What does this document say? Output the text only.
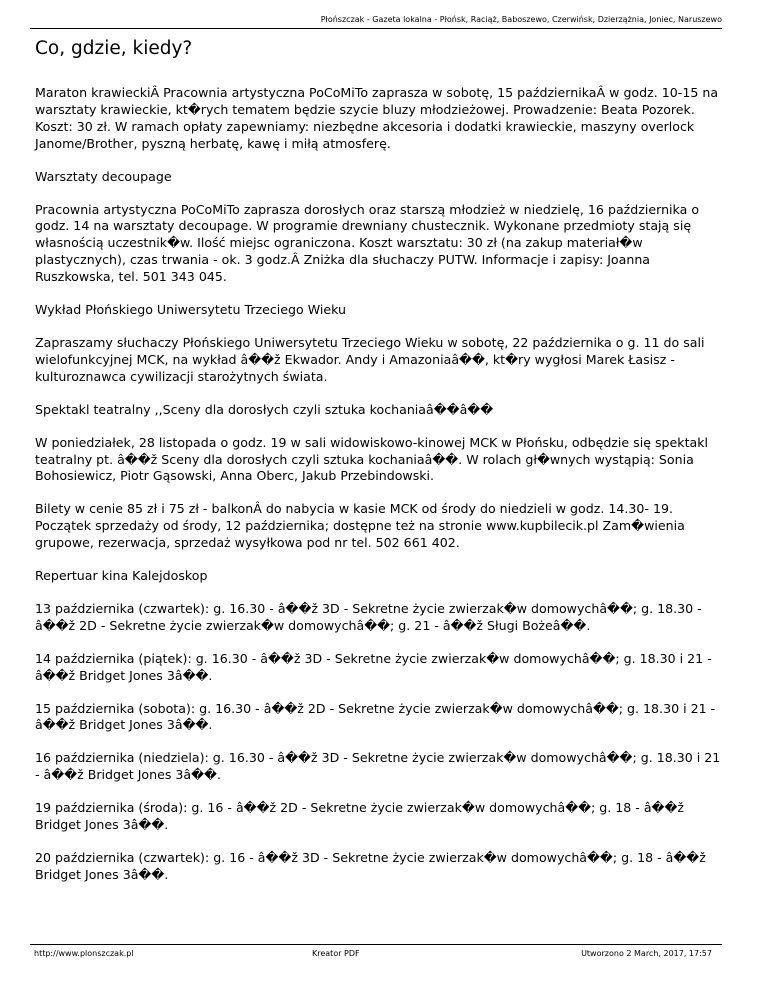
Płońszczak - Gazeta lokalna - Płońsk, Raciąż, Baboszewo, Czerwińsk, Dzierzążnia, Joniec, Naruszewo
Co, gdzie, kiedy?

Maraton krawieckiÂ Pracownia artystyczna PoCoMiTo zaprasza w sobotę, 15 październikaÂ w godz. 10-15 na warsztaty krawieckie, kt�rych tematem będzie szycie bluzy młodzieżowej. Prowadzenie: Beata Pozorek. Koszt: 30 zł. W ramach opłaty zapewniamy: niezbędne akcesoria i dodatki krawieckie, maszyny overlock Janome/Brother, pyszną herbatę, kawę i miłą atmosferę.

Warsztaty decoupage

Pracownia artystyczna PoCoMiTo zaprasza dorosłych oraz starszą młodzież w niedzielę, 16 października o godz. 14 na warsztaty decoupage. W programie drewniany chustecznik. Wykonane przedmioty stają się własnością uczestnik�w. Ilość miejsc ograniczona. Koszt warsztatu: 30 zł (na zakup materiał�w plastycznych), czas trwania - ok. 3 godz.Â Zniżka dla słuchaczy PUTW. Informacje i zapisy: Joanna Ruszkowska, tel. 501 343 045.

Wykład Płońskiego Uniwersytetu Trzeciego Wieku

Zapraszamy słuchaczy Płońskiego Uniwersytetu Trzeciego Wieku w sobotę, 22 października o g. 11 do sali wielofunkcyjnej MCK, na wykład â��ž Ekwador. Andy i Amazoniaâ��, kt�ry wygłosi Marek Łasisz - kulturoznawca cywilizacji starożytnych świata.

Spektakl teatralny ,,Sceny dla dorosłych czyli sztuka kochaniaâ��â��

W poniedziałek, 28 listopada o godz. 19 w sali widowiskowo-kinowej MCK w Płońsku, odbędzie się spektakl teatralny pt. â��ž Sceny dla dorosłych czyli sztuka kochaniaâ��. W rolach gł�wnych wystąpią: Sonia Bohosiewicz, Piotr Gąsowski, Anna Oberc, Jakub Przebindowski.

Bilety w cenie 85 zł i 75 zł - balkonÂ do nabycia w kasie MCK od środy do niedzieli w godz. 14.30- 19. Początek sprzedaży od środy, 12 października; dostępne też na stronie www.kupbilecik.pl Zam�wienia grupowe, rezerwacja, sprzedaż wysyłkowa pod nr tel. 502 661 402.

Repertuar kina Kalejdoskop

13 października (czwartek): g. 16.30 - â��ž 3D - Sekretne życie zwierzak�w domowychâ��; g. 18.30 - â��ž 2D - Sekretne życie zwierzak�w domowychâ��; g. 21 - â��ž Sługi Bożeâ��.

14 października (piątek): g. 16.30 - â��ž 3D - Sekretne życie zwierzak�w domowychâ��; g. 18.30 i 21 - â��ž Bridget Jones 3â��.

15 października (sobota): g. 16.30 - â��ž 2D - Sekretne życie zwierzak�w domowychâ��; g. 18.30 i 21 - â��ž Bridget Jones 3â��.

16 października (niedziela): g. 16.30 - â��ž 3D - Sekretne życie zwierzak�w domowychâ��; g. 18.30 i 21 - â��ž Bridget Jones 3â��.

19 października (środa): g. 16 - â��ž 2D - Sekretne życie zwierzak�w domowychâ��; g. 18 - â��ž Bridget Jones 3â��.

20 października (czwartek): g. 16 - â��ž 3D - Sekretne życie zwierzak�w domowychâ��; g. 18 - â��ž Bridget Jones 3â��.

http://www.plonszczak.pl	Kreator PDF	Utworzono 2 March, 2017, 17:57
